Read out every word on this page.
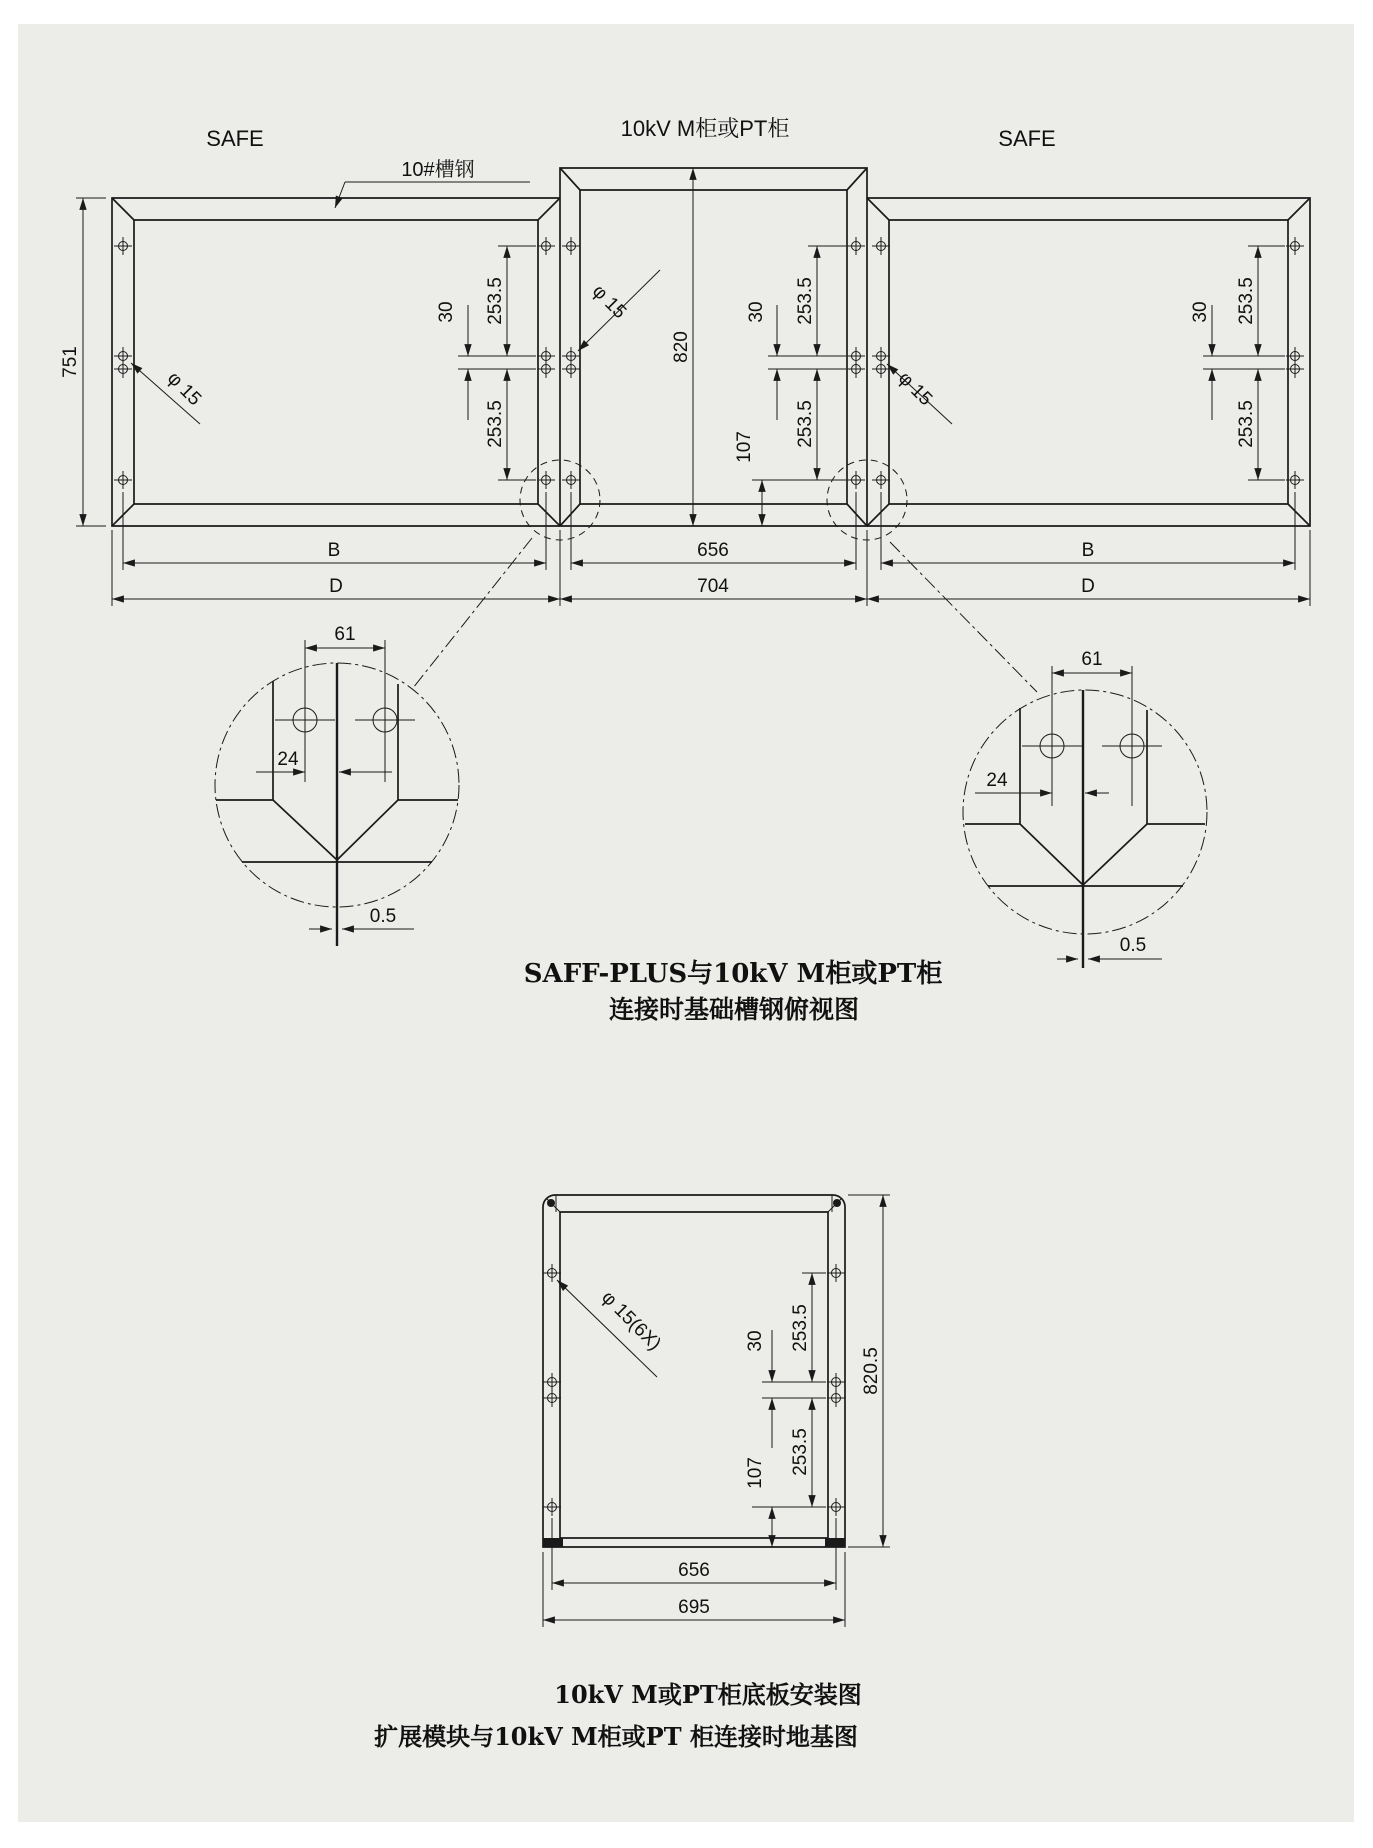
751	820
253.5
253.5
30	253.5
253.5
30
107
253.5
253.5
30
φ 15
φ 15
φ 15
10#槽钢
SAFE	10kV M柜或PT柜	SAFE
B	656	B
D	704	D
61
24
0.5
61
24
0.5
SAFF-PLUS与10kV M柜或PT柜
连接时基础槽钢俯视图
φ 15(6X)	253.5
253.5
30
107
820.5
656
695
10kV M或PT柜底板安装图
扩展模块与10kV M柜或PT 柜连接时地基图
